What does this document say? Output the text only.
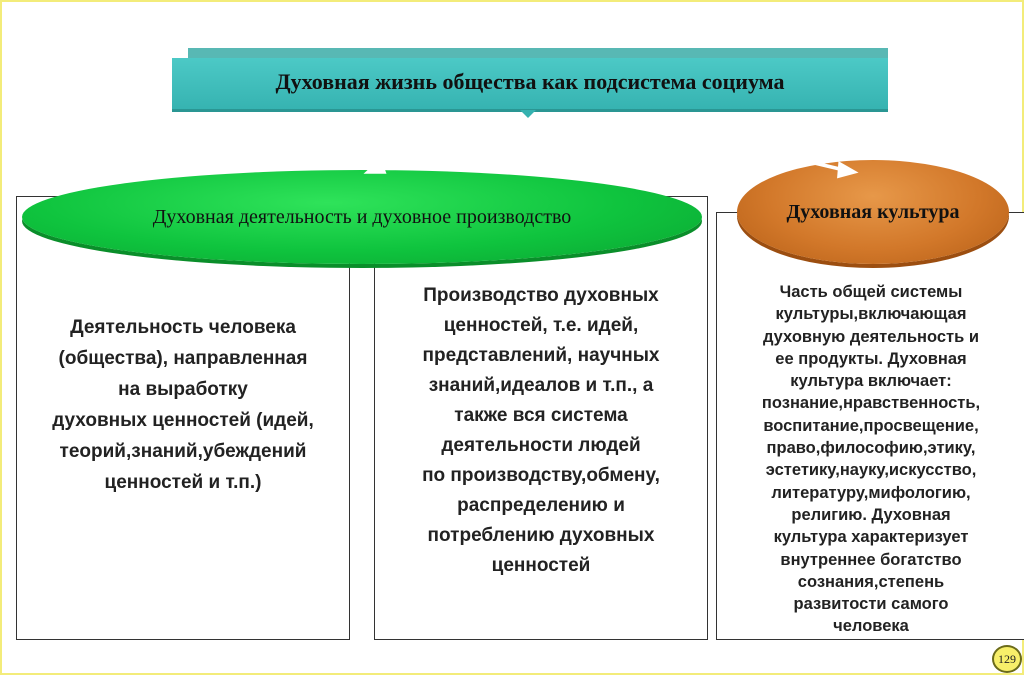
Духовная жизнь общества как подсистема социума
Деятельность человека
(общества), направленная
на выработку
духовных ценностей (идей,
теорий,знаний,убеждений
ценностей и т.п.)
Производство духовных
ценностей, т.е. идей,
представлений, научных
знаний,идеалов и т.п., а
также вся система
деятельности людей
по производству,обмену,
распределению и
потреблению духовных
ценностей
Часть общей системы
культуры,включающая
духовную деятельность и
ее продукты. Духовная
культура включает:
познание,нравственность,
воспитание,просвещение,
право,философию,этику,
эстетику,науку,искусство,
литературу,мифологию,
религию. Духовная
культура характеризует
внутреннее богатство
сознания,степень
развитости самого
человека
Духовная деятельность и духовное производство	Духовная культура
129
